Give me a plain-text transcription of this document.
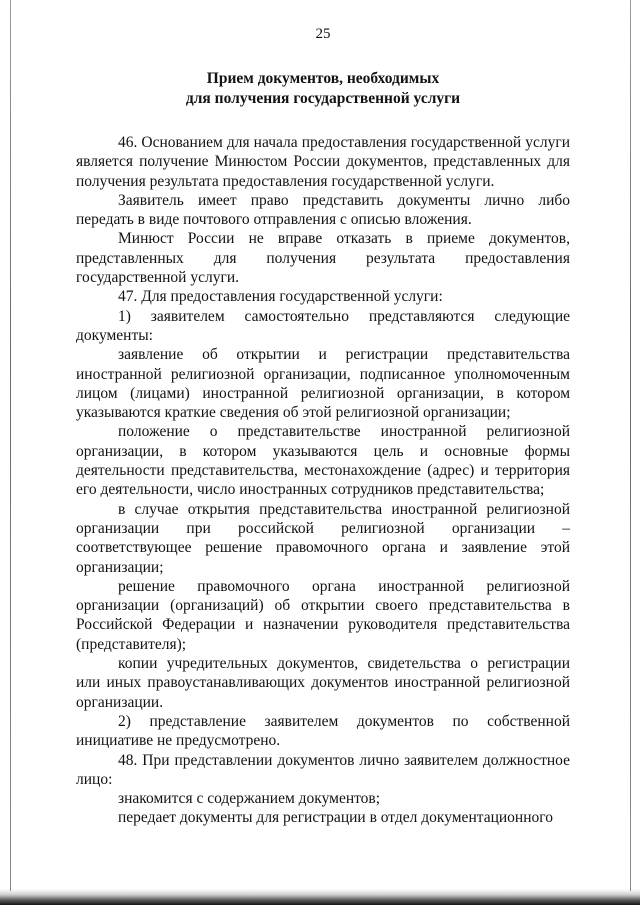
25
Прием документов, необходимых
для получения государственной услуги

46. Основанием для начала предоставления государственной услуги является получение Минюстом России документов, представленных для получения результата предоставления государственной услуги.

Заявитель имеет право представить документы лично либо передать в виде почтового отправления с описью вложения.

Минюст России не вправе отказать в приеме документов, представленных для получения результата предоставления государственной услуги.

47. Для предоставления государственной услуги:

1) заявителем самостоятельно представляются следующие документы:

заявление об открытии и регистрации представительства иностранной религиозной организации, подписанное уполномоченным лицом (лицами) иностранной религиозной организации, в котором указываются краткие сведения об этой религиозной организации;

положение о представительстве иностранной религиозной организации, в котором указываются цель и основные формы деятельности представительства, местонахождение (адрес) и территория его деятельности, число иностранных сотрудников представительства;

в случае открытия представительства иностранной религиозной организации при российской религиозной организации – соответствующее решение правомочного органа и заявление этой организации;

решение правомочного органа иностранной религиозной организации (организаций) об открытии своего представительства в Российской Федерации и назначении руководителя представительства (представителя);

копии учредительных документов, свидетельства о регистрации или иных правоустанавливающих документов иностранной религиозной организации.

2) представление заявителем документов по собственной инициативе не предусмотрено.

48. При представлении документов лично заявителем должностное лицо:

знакомится с содержанием документов;

передает документы для регистрации в отдел документационного
